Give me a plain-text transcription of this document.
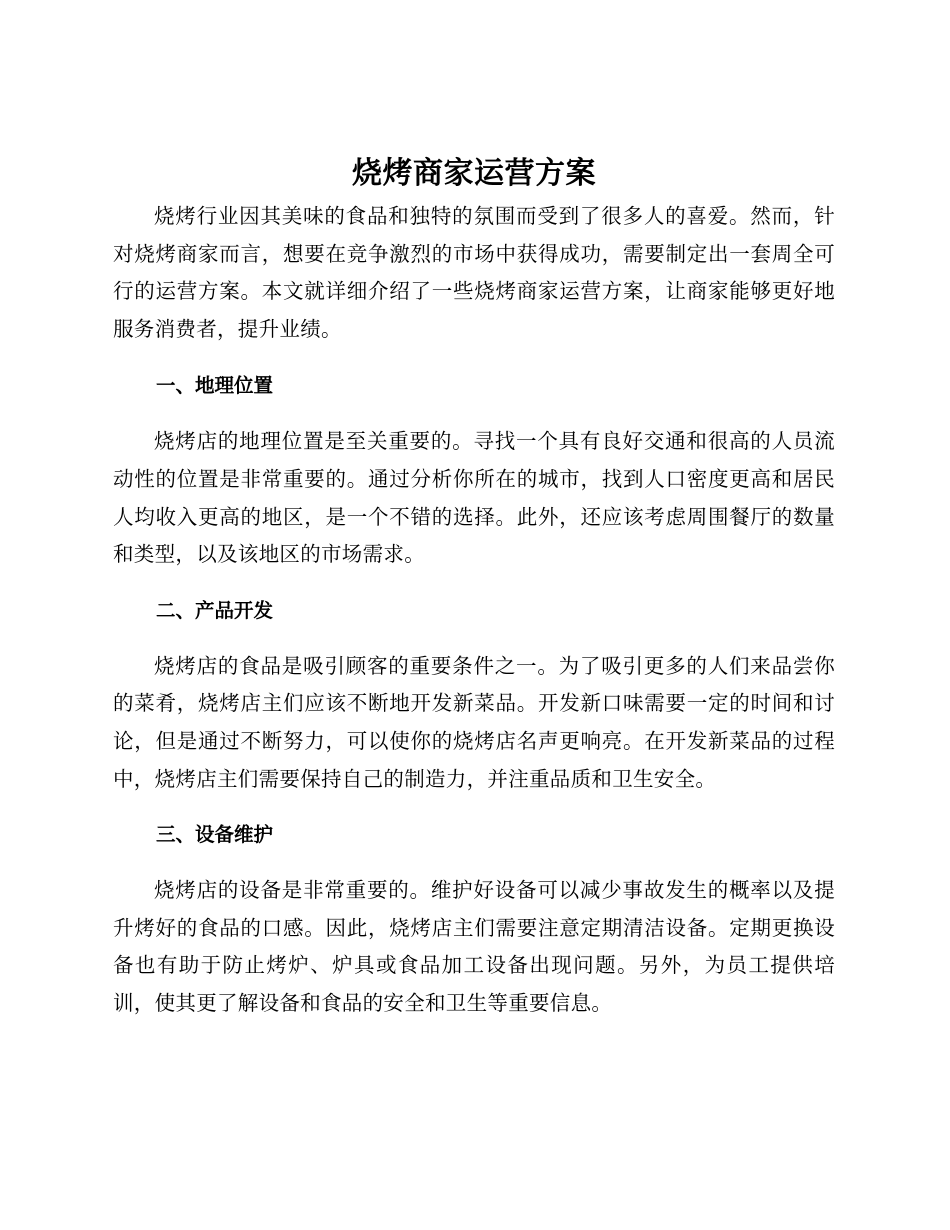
烧烤商家运营方案

烧烤行业因其美味的食品和独特的氛围而受到了很多人的喜爱。然而，针对烧烤商家而言，想要在竞争激烈的市场中获得成功，需要制定出一套周全可行的运营方案。本文就详细介绍了一些烧烤商家运营方案，让商家能够更好地服务消费者，提升业绩。

一、地理位置

烧烤店的地理位置是至关重要的。寻找一个具有良好交通和很高的人员流动性的位置是非常重要的。通过分析你所在的城市，找到人口密度更高和居民人均收入更高的地区，是一个不错的选择。此外，还应该考虑周围餐厅的数量和类型，以及该地区的市场需求。

二、产品开发

烧烤店的食品是吸引顾客的重要条件之一。为了吸引更多的人们来品尝你的菜肴，烧烤店主们应该不断地开发新菜品。开发新口味需要一定的时间和讨论，但是通过不断努力，可以使你的烧烤店名声更响亮。在开发新菜品的过程中，烧烤店主们需要保持自己的制造力，并注重品质和卫生安全。

三、设备维护

烧烤店的设备是非常重要的。维护好设备可以减少事故发生的概率以及提升烤好的食品的口感。因此，烧烤店主们需要注意定期清洁设备。定期更换设备也有助于防止烤炉、炉具或食品加工设备出现问题。另外，为员工提供培训，使其更了解设备和食品的安全和卫生等重要信息。
